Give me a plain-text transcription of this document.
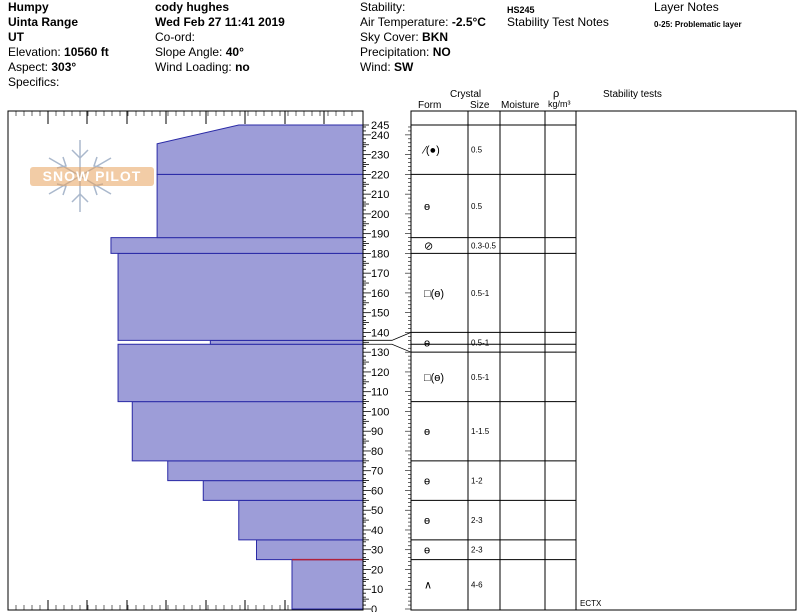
Humpy
Uinta Range
UT
Elevation: 10560 ft
Aspect: 303°
Specifics:
cody hughes
Wed Feb 27 11:41 2019
Co-ord:
Slope Angle: 40°
Wind Loading: no
Stability:
Air Temperature: -2.5°C
Sky Cover: BKN
Precipitation: NO
Wind: SW
HS245
Stability Test Notes
Layer Notes
0-25: Problematic layer
SNOW PILOT
Crystal
Form	Size Moisture
ρ
kg/m³
Stability tests
0
10
20
30
40
50
60
70
80
90
100
110
120
130
140
150
160
170
180
190
200
210
220
230
240
245
∧	4-6
ɵ	2-3
ɵ	2-3
ɵ	1-2
ɵ	1-1.5
□(ɵ)	0.5-1
ɵ	0.5-1
□(ɵ)	0.5-1
⊘	0.3-0.5
ɵ	0.5
⁄(●)	0.5
ECTX
